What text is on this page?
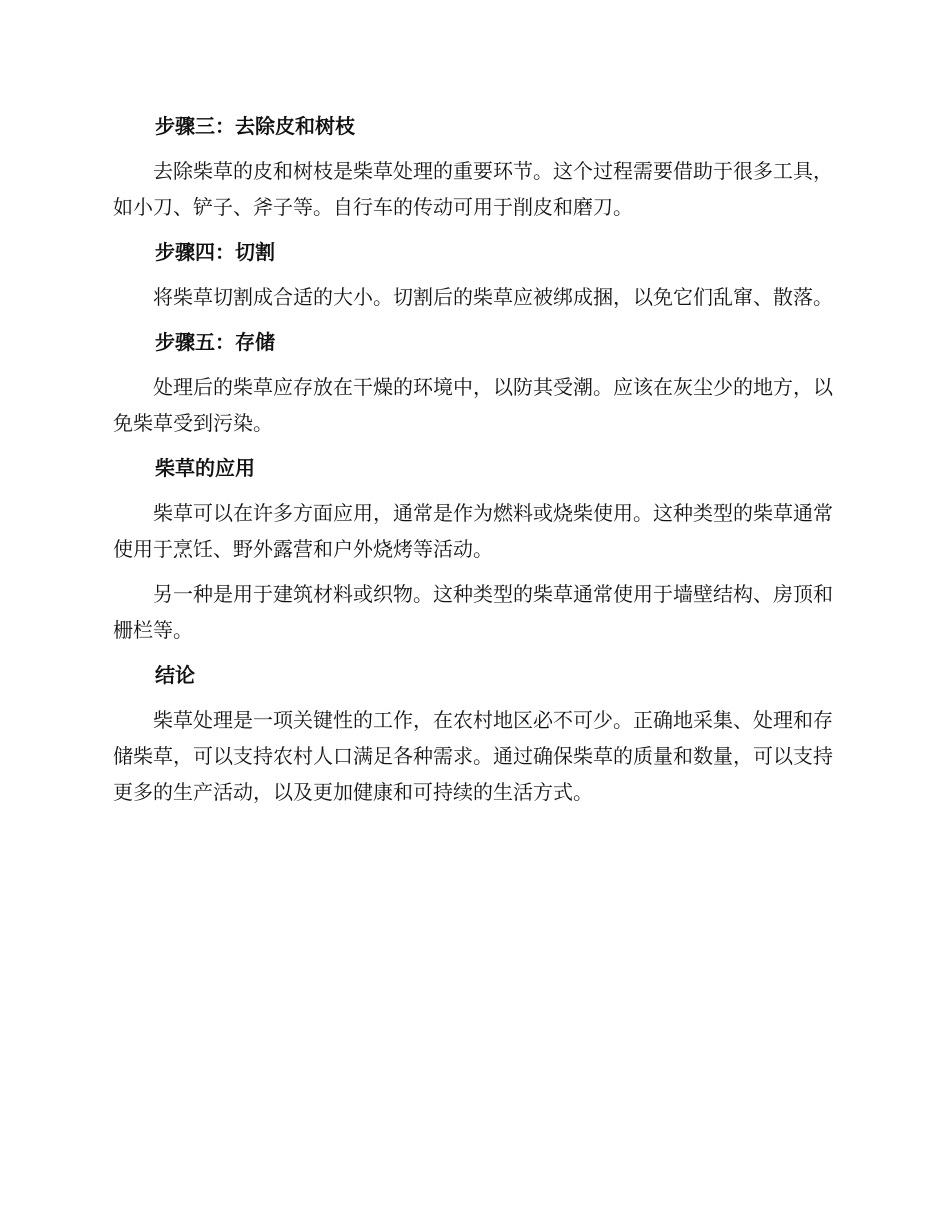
步骤三：去除皮和树枝

去除柴草的皮和树枝是柴草处理的重要环节。这个过程需要借助于很多工具，如小刀、铲子、斧子等。自行车的传动可用于削皮和磨刀。

步骤四：切割

将柴草切割成合适的大小。切割后的柴草应被绑成捆，以免它们乱窜、散落。

步骤五：存储

处理后的柴草应存放在干燥的环境中，以防其受潮。应该在灰尘少的地方，以免柴草受到污染。

柴草的应用

柴草可以在许多方面应用，通常是作为燃料或烧柴使用。这种类型的柴草通常使用于烹饪、野外露营和户外烧烤等活动。

另一种是用于建筑材料或织物。这种类型的柴草通常使用于墙壁结构、房顶和栅栏等。

结论

柴草处理是一项关键性的工作，在农村地区必不可少。正确地采集、处理和存储柴草，可以支持农村人口满足各种需求。通过确保柴草的质量和数量，可以支持更多的生产活动，以及更加健康和可持续的生活方式。
